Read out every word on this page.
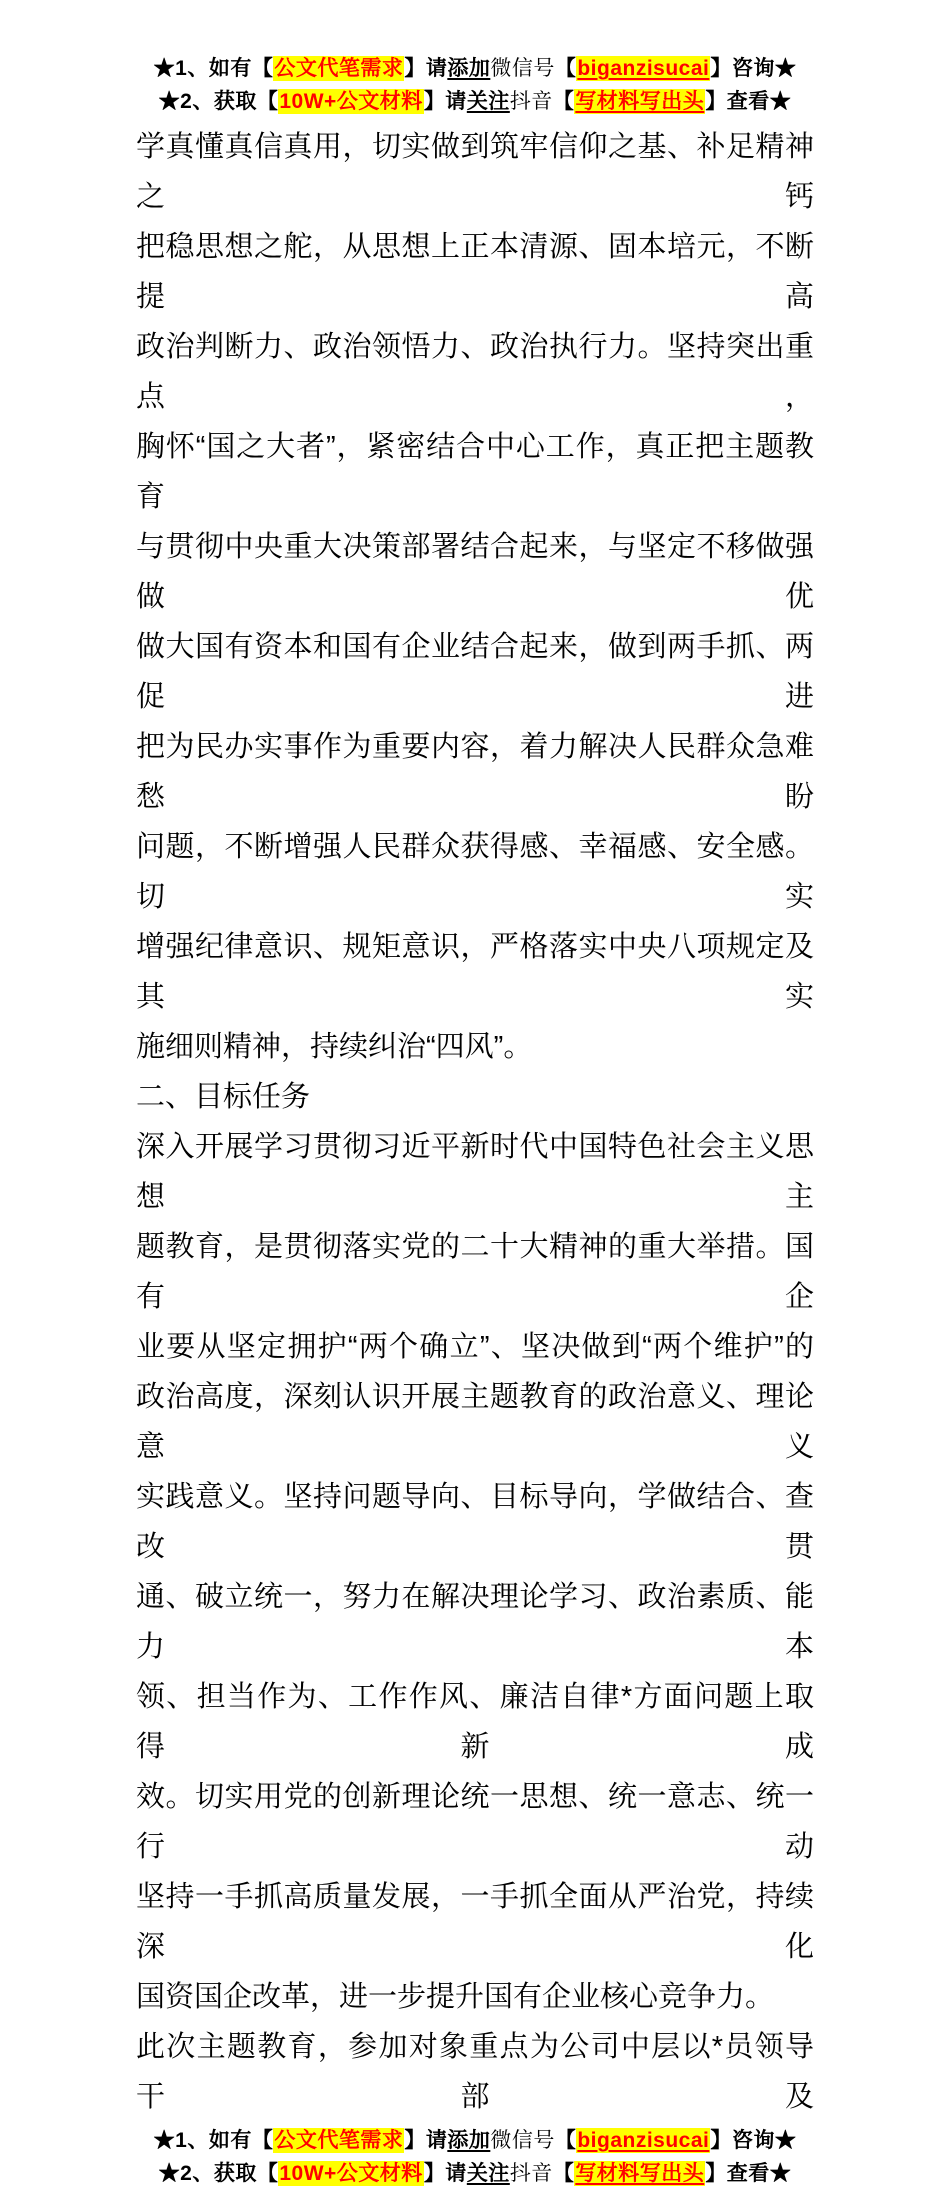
★1、如有【公文代笔需求】请添加微信号【biganzisucai】咨询★
★2、获取【10W+公文材料】请关注抖音【写材料写出头】查看★
学真懂真信真用，切实做到筑牢信仰之基、补足精神之钙
把稳思想之舵，从思想上正本清源、固本培元，不断提高
政治判断力、政治领悟力、政治执行力。坚持突出重点，
胸怀“国之大者”，紧密结合中心工作，真正把主题教育
与贯彻中央重大决策部署结合起来，与坚定不移做强做优
做大国有资本和国有企业结合起来，做到两手抓、两促进
把为民办实事作为重要内容，着力解决人民群众急难愁盼
问题，不断增强人民群众获得感、幸福感、安全感。切实
增强纪律意识、规矩意识，严格落实中央八项规定及其实
施细则精神，持续纠治“四风”。
二、目标任务
深入开展学习贯彻习近平新时代中国特色社会主义思想主
题教育，是贯彻落实党的二十大精神的重大举措。国有企
业要从坚定拥护“两个确立”、坚决做到“两个维护”的
政治高度，深刻认识开展主题教育的政治意义、理论意义
实践意义。坚持问题导向、目标导向，学做结合、查改贯
通、破立统一，努力在解决理论学习、政治素质、能力本
领、担当作为、工作作风、廉洁自律*方面问题上取得新成
效。切实用党的创新理论统一思想、统一意志、统一行动
坚持一手抓高质量发展，一手抓全面从严治党，持续深化
国资国企改革，进一步提升国有企业核心竞争力。
此次主题教育，参加对象重点为公司中层以*员领导干部及
★1、如有【公文代笔需求】请添加微信号【biganzisucai】咨询★
★2、获取【10W+公文材料】请关注抖音【写材料写出头】查看★
